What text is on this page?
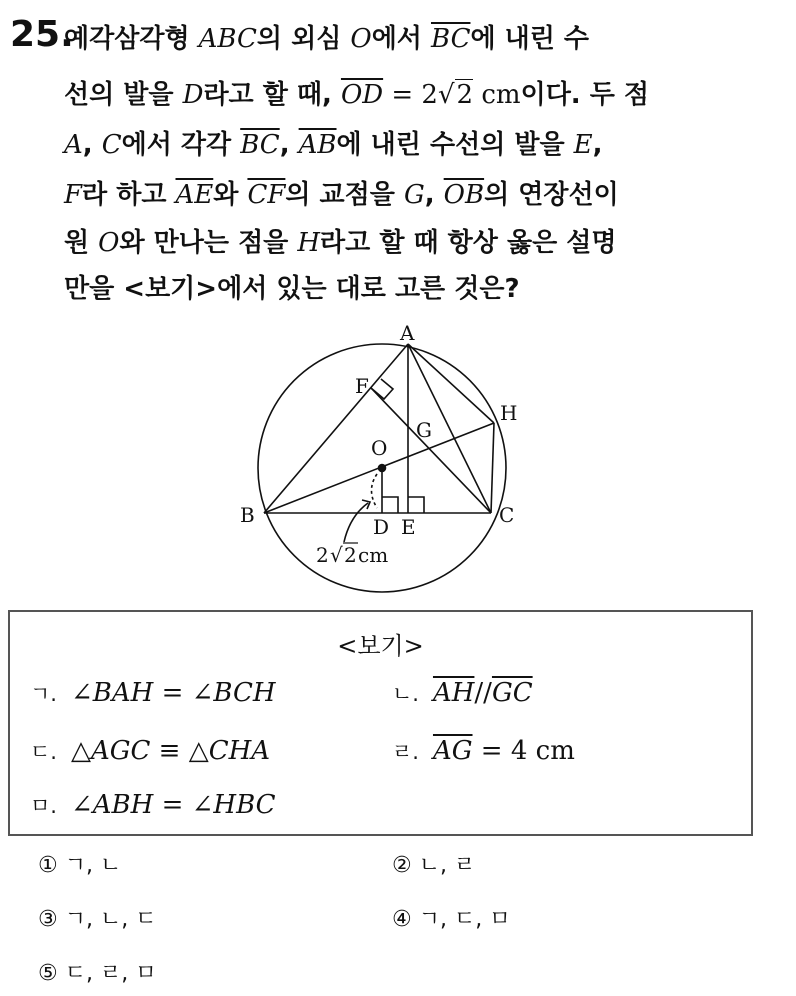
25.
예각삼각형 ABC의 외심 O에서 $\overline{BC}$에 내린 수
선의 발을 D라고 할 때, $\overline{OD} = 2√2$ cm이다. 두 점
A, C에서 각각 $\overline{BC}$, $\overline{AB}$에 내린 수선의 발을 E,
F라 하고 $\overline{AE}$와 $\overline{CF}$의 교점을 G, $\overline{OB}$의 연장선이
원 O와 만나는 점을 H라고 할 때 항상 옳은 설명
만을 <보기>에서 있는 대로 고른 것은?
A
B	C
D E
F
G
H
O
2 √ 2 cm
<보기>
ㄱ. ∠BAH = ∠BCH	ㄴ. $\overline{AH}//\overline{GC}$
ㄷ. △AGC ≡ △CHA	ㄹ. $\overline{AG} = 4$ cm
ㅁ. ∠ABH = ∠HBC
① ㄱ, ㄴ	② ㄴ, ㄹ
③ ㄱ, ㄴ, ㄷ	④ ㄱ, ㄷ, ㅁ
⑤ ㄷ, ㄹ, ㅁ
